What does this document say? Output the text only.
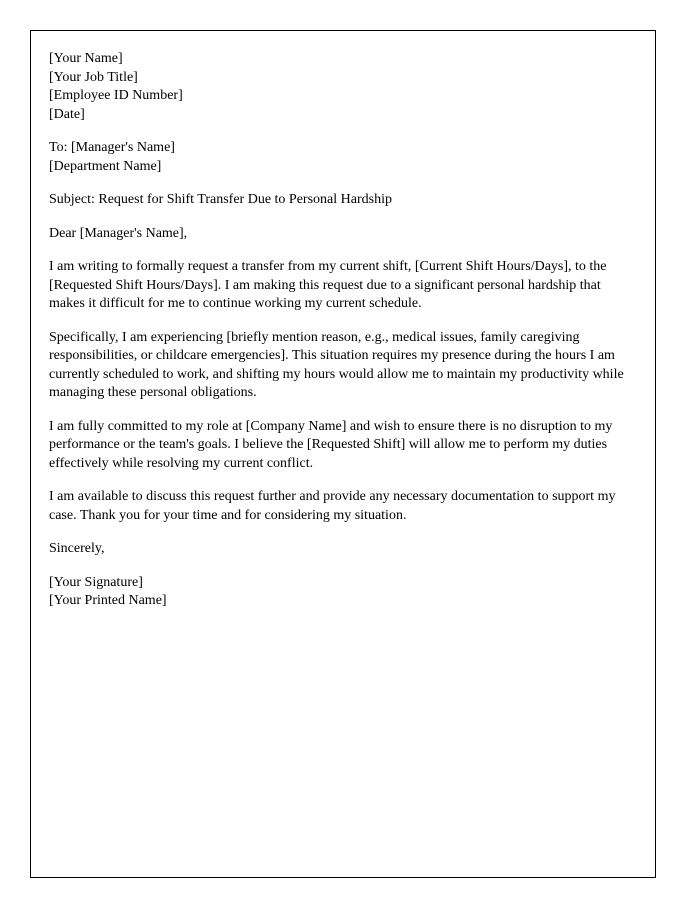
[Your Name]
[Your Job Title]
[Employee ID Number]
[Date]
To: [Manager's Name]
[Department Name]
Subject: Request for Shift Transfer Due to Personal Hardship
Dear [Manager's Name],

I am writing to formally request a transfer from my current shift, [Current Shift Hours/Days], to the [Requested Shift Hours/Days]. I am making this request due to a significant personal hardship that makes it difficult for me to continue working my current schedule.

Specifically, I am experiencing [briefly mention reason, e.g., medical issues, family caregiving responsibilities, or childcare emergencies]. This situation requires my presence during the hours I am currently scheduled to work, and shifting my hours would allow me to maintain my productivity while managing these personal obligations.

I am fully committed to my role at [Company Name] and wish to ensure there is no disruption to my performance or the team's goals. I believe the [Requested Shift] will allow me to perform my duties effectively while resolving my current conflict.

I am available to discuss this request further and provide any necessary documentation to support my case. Thank you for your time and for considering my situation.

Sincerely,
[Your Signature]
[Your Printed Name]
